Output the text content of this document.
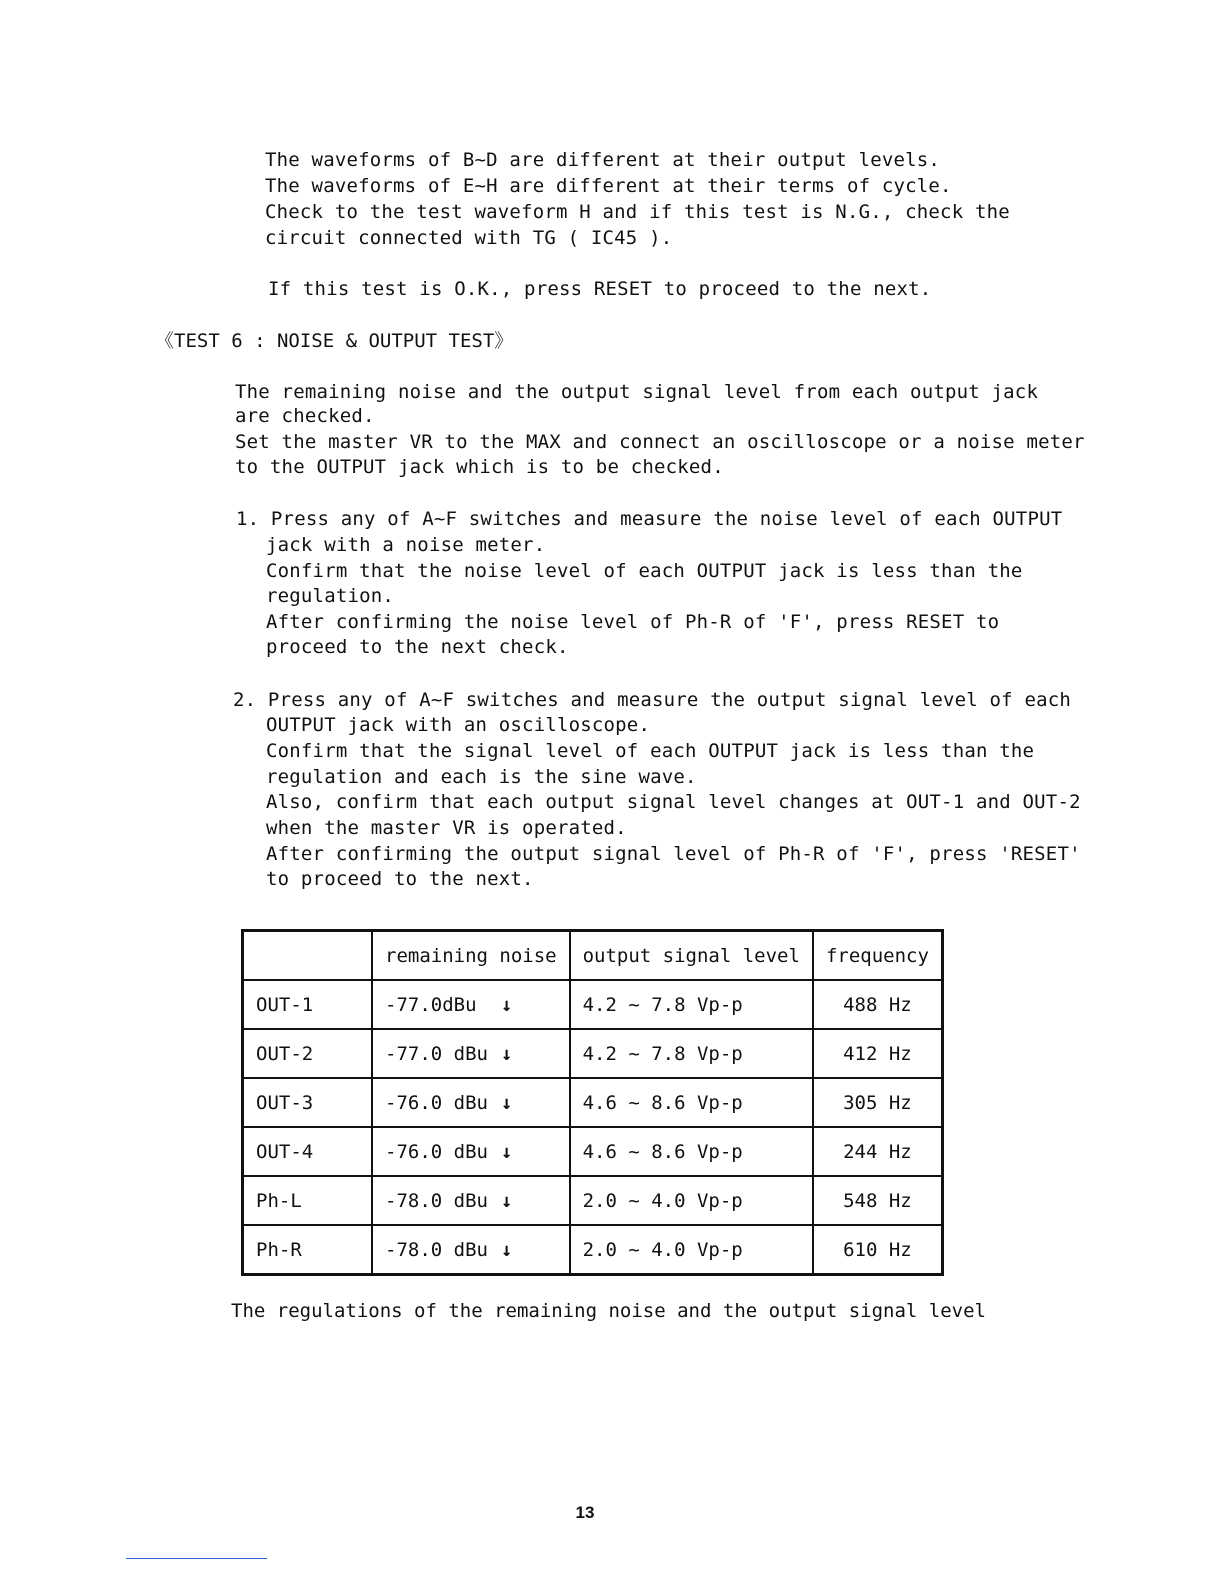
The waveforms of B~D are different at their output levels.
The waveforms of E~H are different at their terms of cycle.
Check to the test waveform H and if this test is N.G., check the
circuit connected with TG ( IC45 ).
If this test is O.K., press RESET to proceed to the next.
《TEST 6 : NOISE & OUTPUT TEST》
The remaining noise and the output signal level from each output jack
are checked.
Set the master VR to the MAX and connect an oscilloscope or a noise meter
to the OUTPUT jack which is to be checked.
1. Press any of A~F switches and measure the noise level of each OUTPUT
jack with a noise meter.
Confirm that the noise level of each OUTPUT jack is less than the
regulation.
After confirming the noise level of Ph-R of 'F', press RESET to
proceed to the next check.
2. Press any of A~F switches and measure the output signal level of each
OUTPUT jack with an oscilloscope.
Confirm that the signal level of each OUTPUT jack is less than the
regulation and each is the sine wave.
Also, confirm that each output signal level changes at OUT-1 and OUT-2
when the master VR is operated.
After confirming the output signal level of Ph-R of 'F', press 'RESET'
to proceed to the next.
	remaining noise	output signal level	frequency
OUT-1	-77.0dBu ↓	4.2 ~ 7.8 Vp-p	488 Hz
OUT-2	-77.0 dBu ↓	4.2 ~ 7.8 Vp-p	412 Hz
OUT-3	-76.0 dBu ↓	4.6 ~ 8.6 Vp-p	305 Hz
OUT-4	-76.0 dBu ↓	4.6 ~ 8.6 Vp-p	244 Hz
Ph-L	-78.0 dBu ↓	2.0 ~ 4.0 Vp-p	548 Hz
Ph-R	-78.0 dBu ↓	2.0 ~ 4.0 Vp-p	610 Hz
The regulations of the remaining noise and the output signal level
13
